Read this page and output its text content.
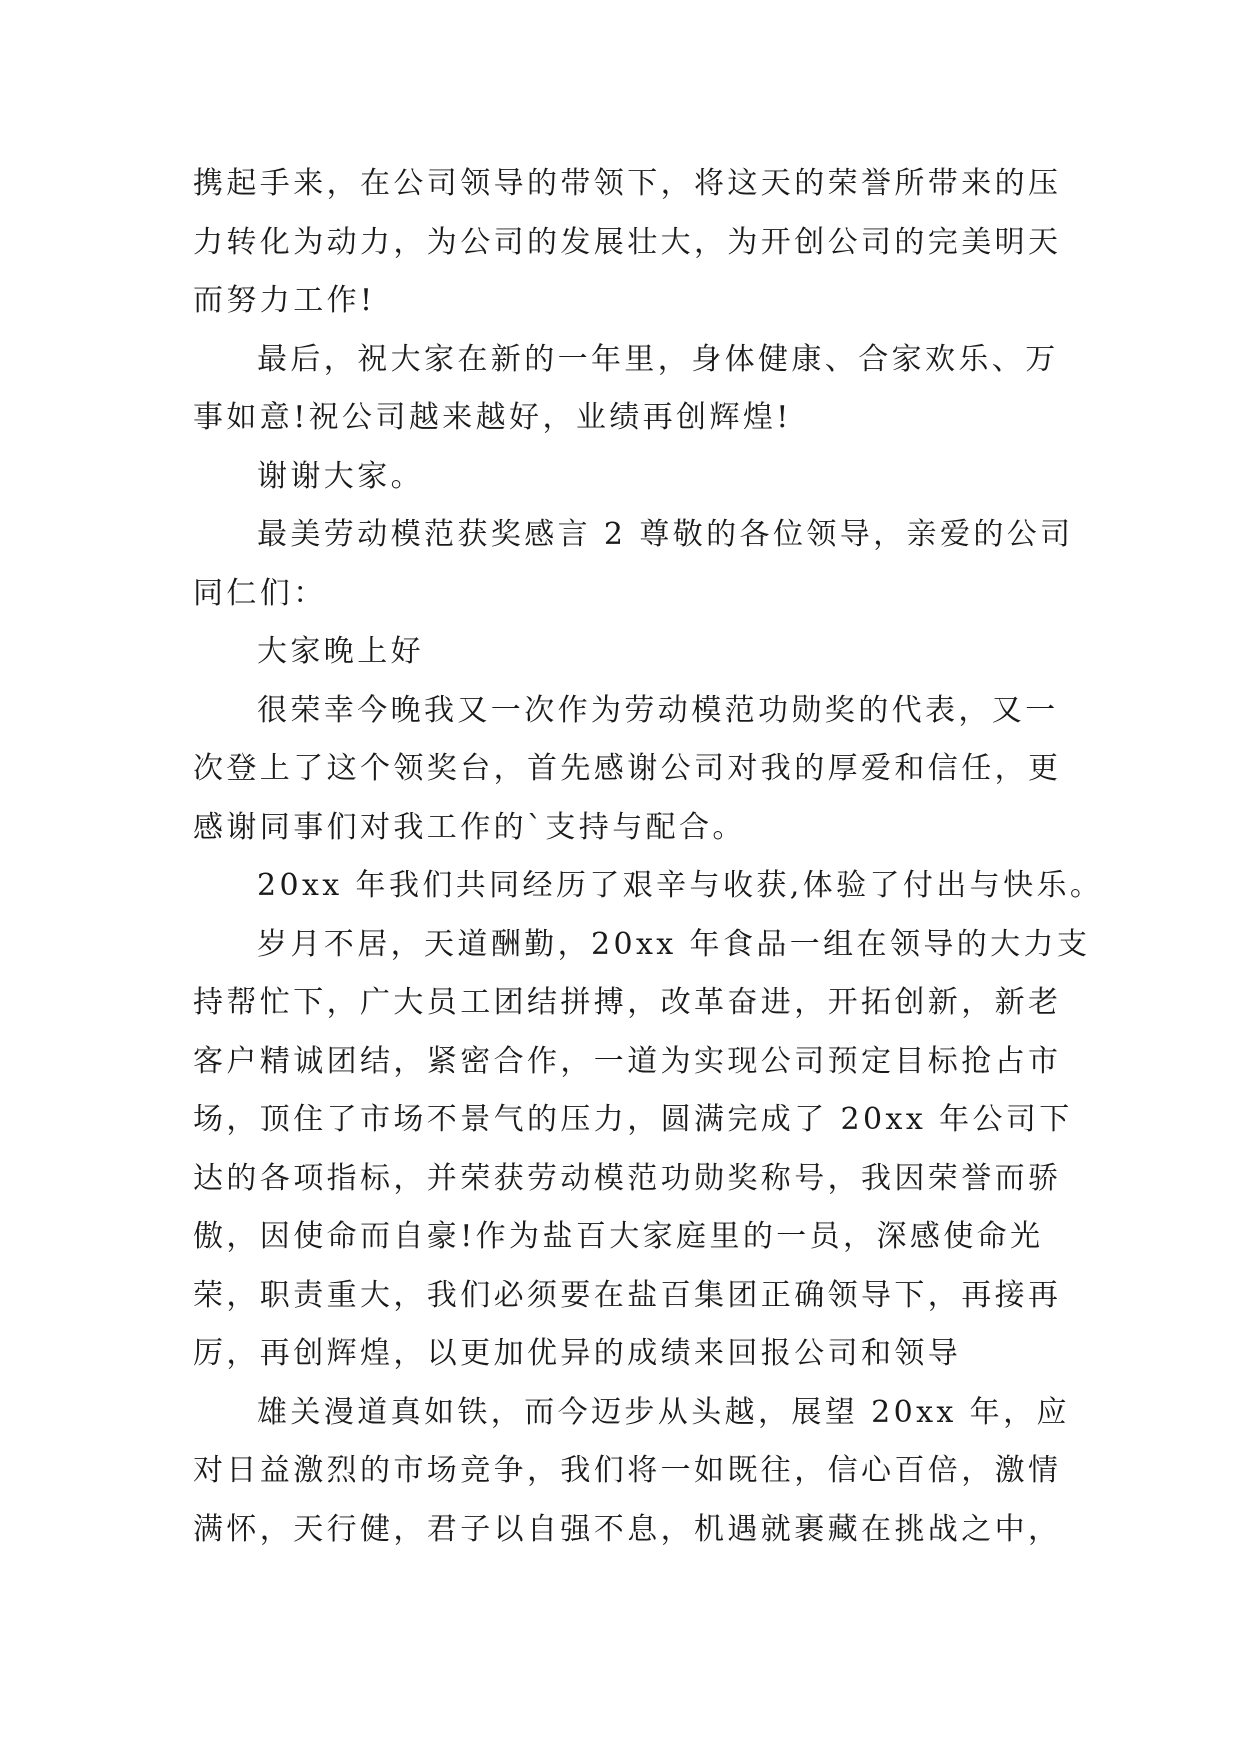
携起手来，在公司领导的带领下，将这天的荣誉所带来的压
力转化为动力，为公司的发展壮大，为开创公司的完美明天
而努力工作!
最后，祝大家在新的一年里，身体健康、合家欢乐、万
事如意!祝公司越来越好，业绩再创辉煌!
谢谢大家。
最美劳动模范获奖感言 2 尊敬的各位领导，亲爱的公司
同仁们：
大家晚上好
很荣幸今晚我又一次作为劳动模范功勋奖的代表，又一
次登上了这个领奖台，首先感谢公司对我的厚爱和信任，更
感谢同事们对我工作的`支持与配合。
20xx 年我们共同经历了艰辛与收获,体验了付出与快乐。
岁月不居，天道酬勤，20xx 年食品一组在领导的大力支
持帮忙下，广大员工团结拼搏，改革奋进，开拓创新，新老
客户精诚团结，紧密合作，一道为实现公司预定目标抢占市
场，顶住了市场不景气的压力，圆满完成了 20xx 年公司下
达的各项指标，并荣获劳动模范功勋奖称号，我因荣誉而骄
傲，因使命而自豪!作为盐百大家庭里的一员，深感使命光
荣，职责重大，我们必须要在盐百集团正确领导下，再接再
厉，再创辉煌，以更加优异的成绩来回报公司和领导
雄关漫道真如铁，而今迈步从头越，展望 20xx 年，应
对日益激烈的市场竞争，我们将一如既往，信心百倍，激情
满怀，天行健，君子以自强不息，机遇就裹藏在挑战之中，
